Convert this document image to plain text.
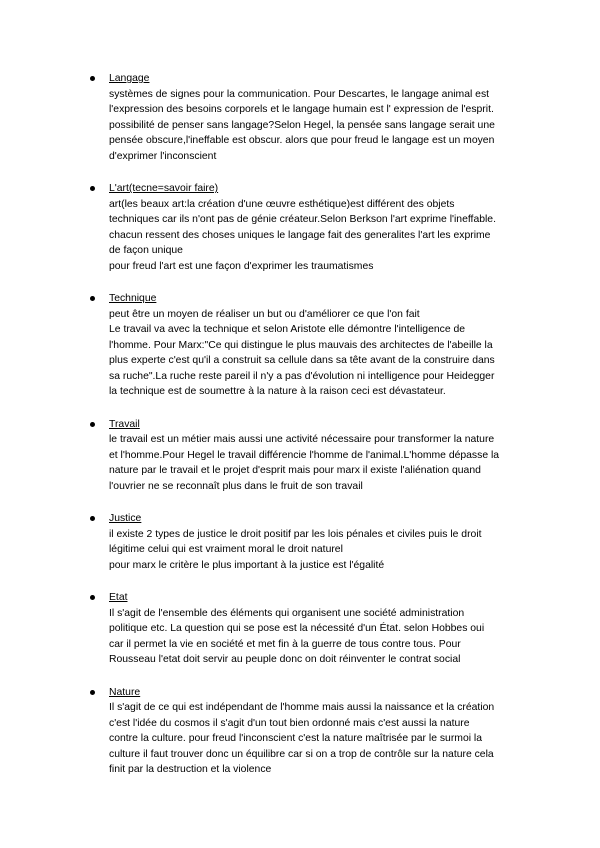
Langage
systèmes de signes pour la communication. Pour Descartes, le langage animal est
l'expression des besoins corporels et le langage humain est l' expression de l'esprit.
possibilité de penser sans langage?Selon Hegel, la pensée sans langage serait une
pensée obscure,l'ineffable est obscur. alors que pour freud le langage est un moyen
d'exprimer l'inconscient
L'art(tecne=savoir faire)
art(les beaux art:la création d'une œuvre esthétique)est différent des objets
techniques car ils n'ont pas de génie créateur.Selon Berkson l'art exprime l'ineffable.
chacun ressent des choses uniques le langage fait des generalites l'art les exprime
de façon unique
pour freud l'art est une façon d'exprimer les traumatismes
Technique
peut être un moyen de réaliser un but ou d'améliorer ce que l'on fait
Le travail va avec la technique et selon Aristote elle démontre l'intelligence de
l'homme. Pour Marx:"Ce qui distingue le plus mauvais des architectes de l'abeille la
plus experte c'est qu'il a construit sa cellule dans sa tête avant de la construire dans
sa ruche".La ruche reste pareil il n'y a pas d'évolution ni intelligence pour Heidegger
la technique est de soumettre à la nature à la raison ceci est dévastateur.
Travail
le travail est un métier mais aussi une activité nécessaire pour transformer la nature
et l'homme.Pour Hegel le travail différencie l'homme de l'animal.L'homme dépasse la
nature par le travail et le projet d'esprit mais pour marx il existe l'aliénation quand
l'ouvrier ne se reconnaît plus dans le fruit de son travail
Justice
il existe 2 types de justice le droit positif par les lois pénales et civiles puis le droit
légitime celui qui est vraiment moral le droit naturel
pour marx le critère le plus important à la justice est l'égalité
Etat
Il s'agit de l'ensemble des éléments qui organisent une société administration
politique etc. La question qui se pose est la nécessité d'un État. selon Hobbes oui
car il permet la vie en société et met fin à la guerre de tous contre tous. Pour
Rousseau l'etat doit servir au peuple donc on doit réinventer le contrat social
Nature
Il s'agit de ce qui est indépendant de l'homme mais aussi la naissance et la création
c'est l'idée du cosmos il s'agit d'un tout bien ordonné mais c'est aussi la nature
contre la culture. pour freud l'inconscient c'est la nature maîtrisée par le surmoi la
culture il faut trouver donc un équilibre car si on a trop de contrôle sur la nature cela
finit par la destruction et la violence
